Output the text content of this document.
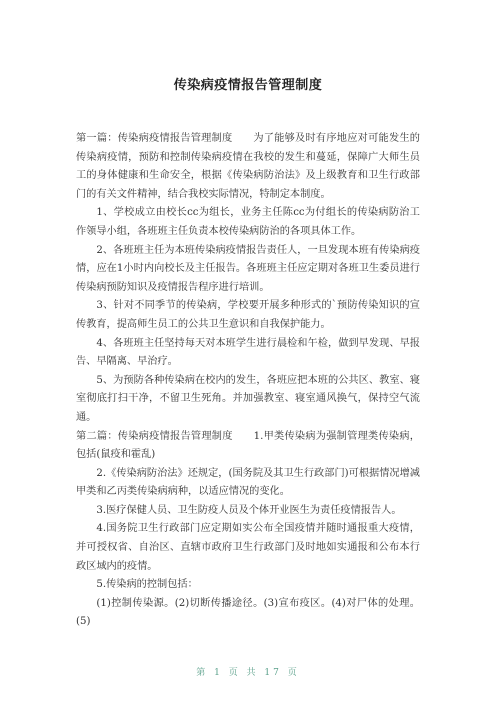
传染病疫情报告管理制度

第一篇：传染病疫情报告管理制度　　为了能够及时有序地应对可能发生的传染病疫情，预防和控制传染病疫情在我校的发生和蔓延，保障广大师生员工的身体健康和生命安全，根据《传染病防治法》及上级教育和卫生行政部门的有关文件精神，结合我校实际情况，特制定本制度。

1、学校成立由校长cc为组长，业务主任陈cc为付组长的传染病防治工作领导小组，各班班主任负责本校传染病防治的各项具体工作。

2、各班班主任为本班传染病疫情报告责任人，一旦发现本班有传染病疫情，应在1小时内向校长及主任报告。各班班主任应定期对各班卫生委员进行传染病预防知识及疫情报告程序进行培训。

3、针对不同季节的传染病，学校要开展多种形式的`预防传染知识的宣传教育，提高师生员工的公共卫生意识和自我保护能力。

4、各班班主任坚持每天对本班学生进行晨检和午检，做到早发现、早报告、早隔离、早治疗。

5、为预防各种传染病在校内的发生，各班应把本班的公共区、教室、寝室彻底打扫干净，不留卫生死角。并加强教室、寝室通风换气，保持空气流通。

第二篇：传染病疫情报告管理制度　　1.甲类传染病为强制管理类传染病，包括(鼠疫和霍乱)

2.《传染病防治法》还规定，(国务院及其卫生行政部门)可根据情况增减甲类和乙丙类传染病病种，以适应情况的变化。

3.医疗保健人员、卫生防疫人员及个体开业医生为责任疫情报告人。

4.国务院卫生行政部门应定期如实公布全国疫情并随时通报重大疫情，并可授权省、自治区、直辖市政府卫生行政部门及时地如实通报和公布本行政区域内的疫情。

5.传染病的控制包括：

(1)控制传染源。(2)切断传播途径。(3)宣布疫区。(4)对尸体的处理。(5)

第 1 页 共 17 页
